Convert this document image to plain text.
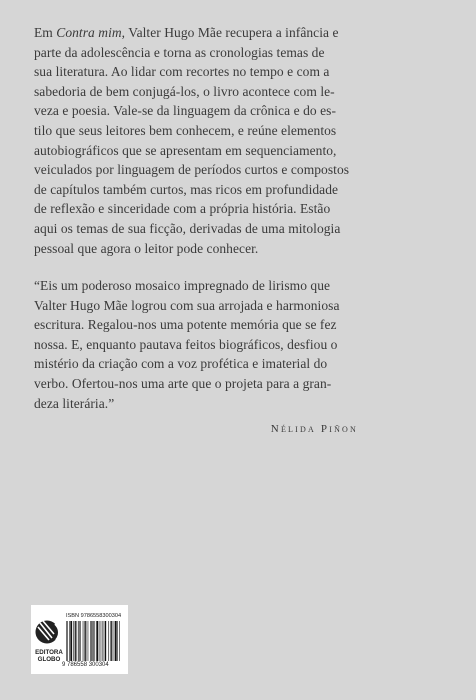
Em Contra mim, Valter Hugo Mãe recupera a infância e
parte da adolescência e torna as cronologias temas de
sua literatura. Ao lidar com recortes no tempo e com a
sabedoria de bem conjugá-los, o livro acontece com le-
veza e poesia. Vale-se da linguagem da crônica e do es-
tilo que seus leitores bem conhecem, e reúne elementos
autobiográficos que se apresentam em sequenciamento,
veiculados por linguagem de períodos curtos e compostos
de capítulos também curtos, mas ricos em profundidade
de reflexão e sinceridade com a própria história. Estão
aqui os temas de sua ficção, derivadas de uma mitologia
pessoal que agora o leitor pode conhecer.
“Eis um poderoso mosaico impregnado de lirismo que
Valter Hugo Mãe logrou com sua arrojada e harmoniosa
escritura. Regalou-nos uma potente memória que se fez
nossa. E, enquanto pautava feitos biográficos, desfiou o
mistério da criação com a voz profética e imaterial do
verbo. Ofertou-nos uma arte que o projeta para a gran-
deza literária.”
Nélida Piñon
EDITORA
GLOBO
ISBN 9786558300304
9 786558 300304
